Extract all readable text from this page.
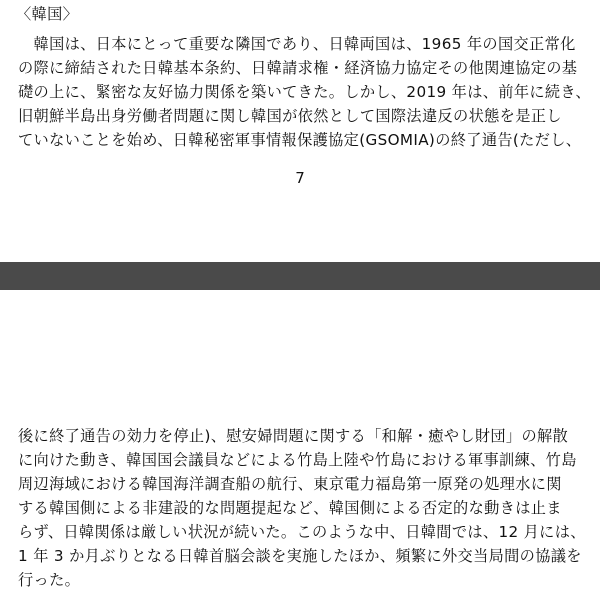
〈韓国〉
　韓国は、日本にとって重要な隣国であり、日韓両国は、1965 年の国交正常化
の際に締結された日韓基本条約、日韓請求権・経済協力協定その他関連協定の基
礎の上に、緊密な友好協力関係を築いてきた。しかし、2019 年は、前年に続き、
旧朝鮮半島出身労働者問題に関し韓国が依然として国際法違反の状態を是正し
ていないことを始め、日韓秘密軍事情報保護協定(GSOMIA)の終了通告(ただし、
7
後に終了通告の効力を停止)、慰安婦問題に関する「和解・癒やし財団」の解散
に向けた動き、韓国国会議員などによる竹島上陸や竹島における軍事訓練、竹島
周辺海域における韓国海洋調査船の航行、東京電力福島第一原発の処理水に関
する韓国側による非建設的な問題提起など、韓国側による否定的な動きは止ま
らず、日韓関係は厳しい状況が続いた。このような中、日韓間では、12 月には、
1 年 3 か月ぶりとなる日韓首脳会談を実施したほか、頻繁に外交当局間の協議を
行った。
